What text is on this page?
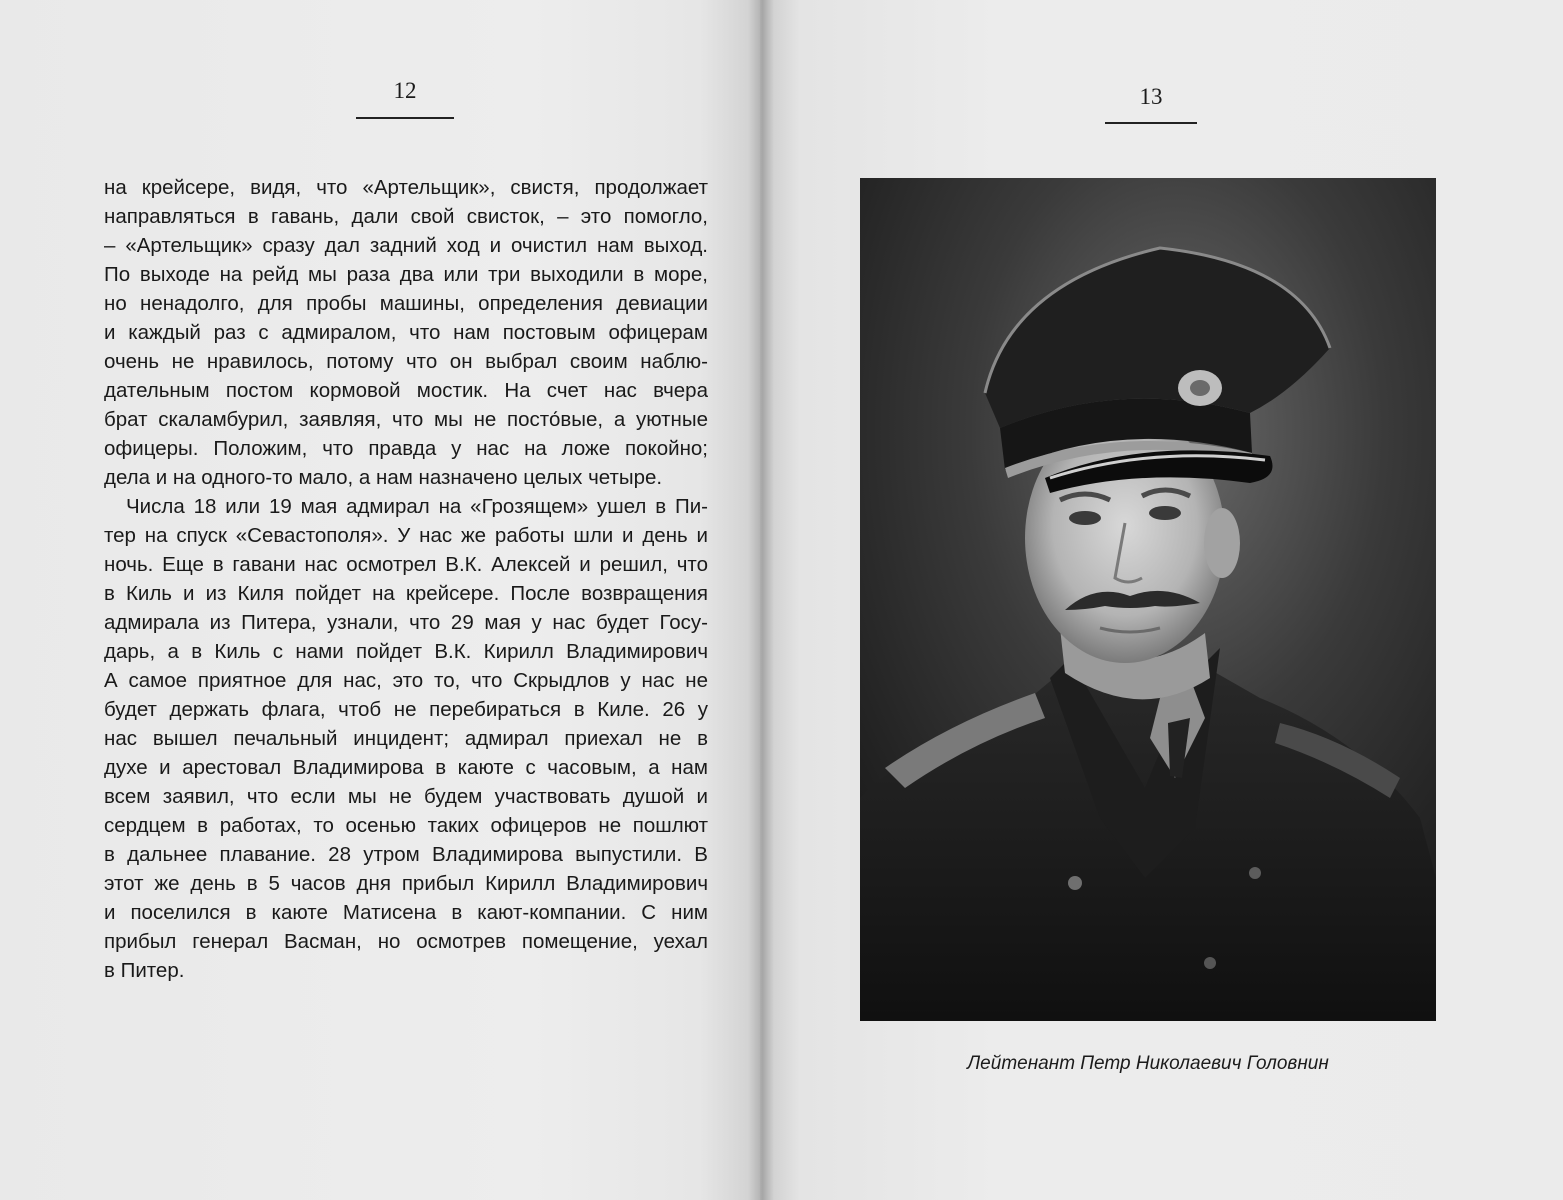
12
на крейсере, видя, что «Артельщик», свистя, продолжает
направляться в гавань, дали свой свисток, – это помогло,
– «Артельщик» сразу дал задний ход и очистил нам выход.
По выходе на рейд мы раза два или три выходили в море,
но ненадолго, для пробы машины, определения девиации
и каждый раз с адмиралом, что нам постовым офицерам
очень не нравилось, потому что он выбрал своим наблю-
дательным постом кормовой мостик. На счет нас вчера
брат скаламбурил, заявляя, что мы не посто́вые, а уютные
офицеры. Положим, что правда у нас на ложе покойно;
дела и на одного-то мало, а нам назначено целых четыре.
Числа 18 или 19 мая адмирал на «Грозящем» ушел в Пи-
тер на спуск «Севастополя». У нас же работы шли и день и
ночь. Еще в гавани нас осмотрел В.К. Алексей и решил, что
в Киль и из Киля пойдет на крейсере. После возвращения
адмирала из Питера, узнали, что 29 мая у нас будет Госу-
дарь, а в Киль с нами пойдет В.К. Кирилл Владимирович
А самое приятное для нас, это то, что Скрыдлов у нас не
будет держать флага, чтоб не перебираться в Киле. 26 у
нас вышел печальный инцидент; адмирал приехал не в
духе и арестовал Владимирова в каюте с часовым, а нам
всем заявил, что если мы не будем участвовать душой и
сердцем в работах, то осенью таких офицеров не пошлют
в дальнее плавание. 28 утром Владимирова выпустили. В
этот же день в 5 часов дня прибыл Кирилл Владимирович
и поселился в каюте Матисена в кают-компании. С ним
прибыл генерал Васман, но осмотрев помещение, уехал
в Питер.
13
Лейтенант Петр Николаевич Головнин
